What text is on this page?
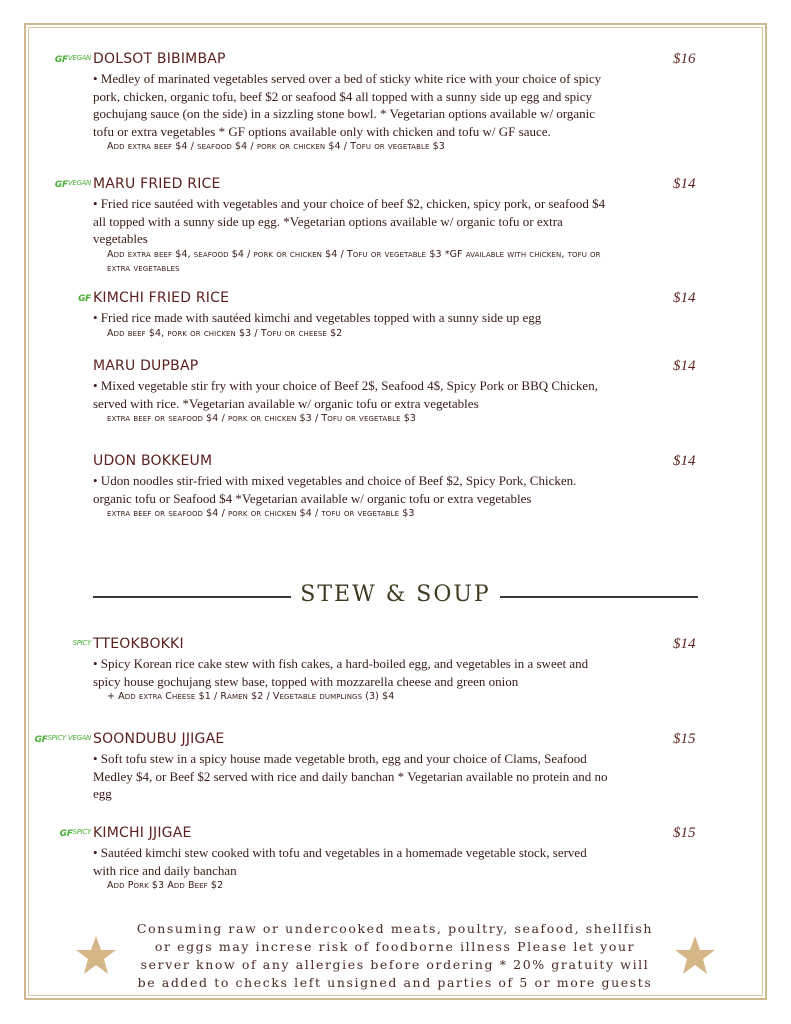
$GF^{VEGAN}$ DOLSOT BIBIMBAP	$16
• Medley of marinated vegetables served over a bed of sticky white rice with your choice of spicy pork, chicken, organic tofu, beef $2 or seafood $4 all topped with a sunny side up egg and spicy gochujang sauce (on the side) in a sizzling stone bowl. * Vegetarian options available w/ organic tofu or extra vegetables * GF options available only with chicken and tofu w/ GF sauce.
Add extra beef $4 / seafood $4 / pork or chicken $4 / Tofu or vegetable $3
$GF^{VEGAN}$ MARU FRIED RICE	$14
• Fried rice sautéed with vegetables and your choice of beef $2, chicken, spicy pork, or seafood $4 all topped with a sunny side up egg. *Vegetarian options available w/ organic tofu or extra vegetables
Add extra beef $4, seafood $4 / pork or chicken $4 / Tofu or vegetable $3 *GF available with chicken, tofu or extra vegetables
GF KIMCHI FRIED RICE	$14
• Fried rice made with sautéed kimchi and vegetables topped with a sunny side up egg
Add beef $4, pork or chicken $3 / Tofu or cheese $2
MARU DUPBAP	$14
• Mixed vegetable stir fry with your choice of Beef 2$, Seafood 4$, Spicy Pork or BBQ Chicken, served with rice. *Vegetarian available w/ organic tofu or extra vegetables
extra beef or seafood $4 / pork or chicken $3 / Tofu or vegetable $3
UDON BOKKEUM	$14
• Udon noodles stir-fried with mixed vegetables and choice of Beef $2, Spicy Pork, Chicken. organic tofu or Seafood $4 *Vegetarian available w/ organic tofu or extra vegetables
extra beef or seafood $4 / pork or chicken $4 / tofu or vegetable $3
STEW & SOUP
$^{SPICY}$ TTEOKBOKKI	$14
• Spicy Korean rice cake stew with fish cakes, a hard-boiled egg, and vegetables in a sweet and spicy house gochujang stew base, topped with mozzarella cheese and green onion
+ Add extra Cheese $1 / Ramen $2 / Vegetable dumplings (3) $4
$GF^{SPICY VEGAN}$ SOONDUBU JJIGAE	$15
• Soft tofu stew in a spicy house made vegetable broth, egg and your choice of Clams, Seafood Medley $4, or Beef $2 served with rice and daily banchan * Vegetarian available no protein and no egg
$GF^{SPICY}$ KIMCHI JJIGAE	$15
• Sautéed kimchi stew cooked with tofu and vegetables in a homemade vegetable stock, served with rice and daily banchan
Add Pork $3 Add Beef $2
Consuming raw or undercooked meats, poultry, seafood, shellfish or eggs may increse risk of foodborne illness Please let your server know of any allergies before ordering * 20% gratuity will be added to checks left unsigned and parties of 5 or more guests
